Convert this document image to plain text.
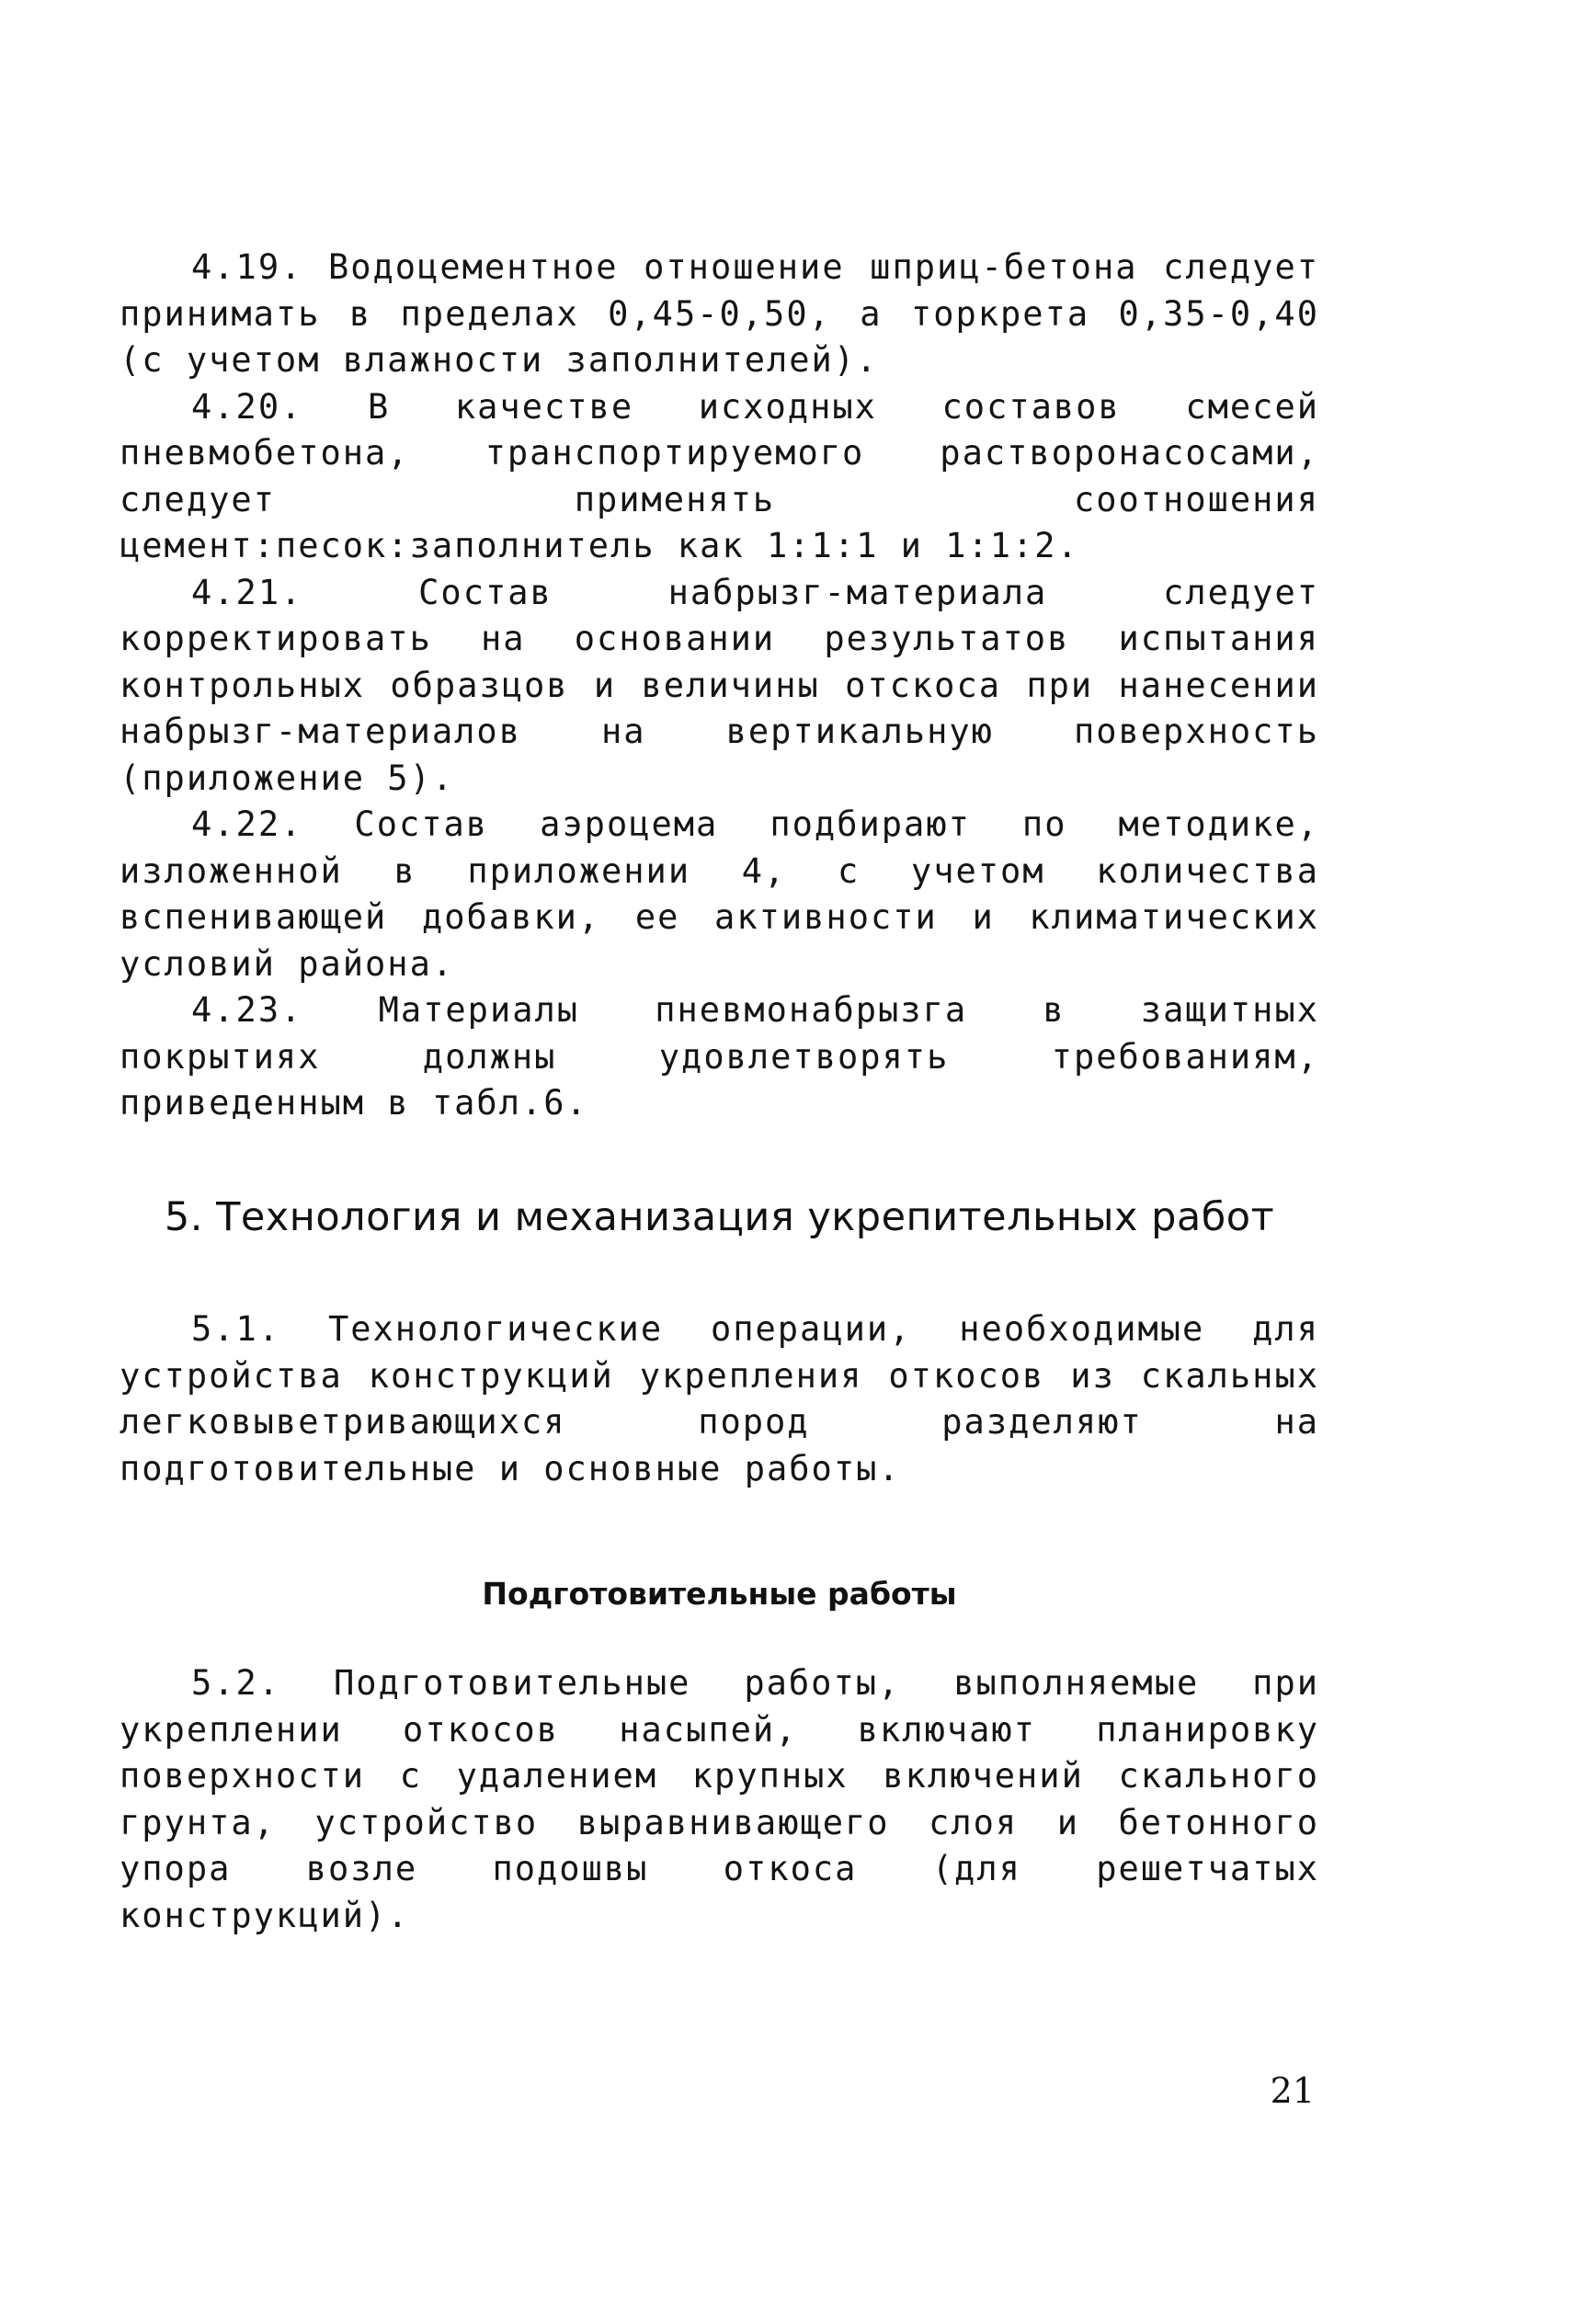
4.19. Водоцементное отношение шприц-бетона следует принимать в пределах 0,45-0,50, а торкрета 0,35-0,40 (с учетом влажности заполнителей).

4.20. В качестве исходных составов смесей пневмобетона, транспортируемого растворонасосами, следует применять соотношения цемент:песок:заполнитель как 1:1:1 и 1:1:2.

4.21. Состав набрызг-материала следует корректировать на основании результатов испытания контрольных образцов и величины отскоса при нанесении набрызг-материалов на вертикальную поверхность (приложение 5).

4.22. Состав аэроцема подбирают по методике, изложенной в приложении 4, с учетом количества вспенивающей добавки, ее активности и климатических условий района.

4.23. Материалы пневмонабрызга в защитных покрытиях должны удовлетворять требованиям, приведенным в табл.6.

5. Технология и механизация укрепительных работ

5.1. Технологические операции, необходимые для устройства конструкций укрепления откосов из скальных легковыветривающихся пород разделяют на подготовительные и основные работы.

Подготовительные работы

5.2. Подготовительные работы, выполняемые при укреплении откосов насыпей, включают планировку поверхности с удалением крупных включений скального грунта, устройство выравнивающего слоя и бетонного упора возле подошвы откоса (для решетчатых конструкций).

21
